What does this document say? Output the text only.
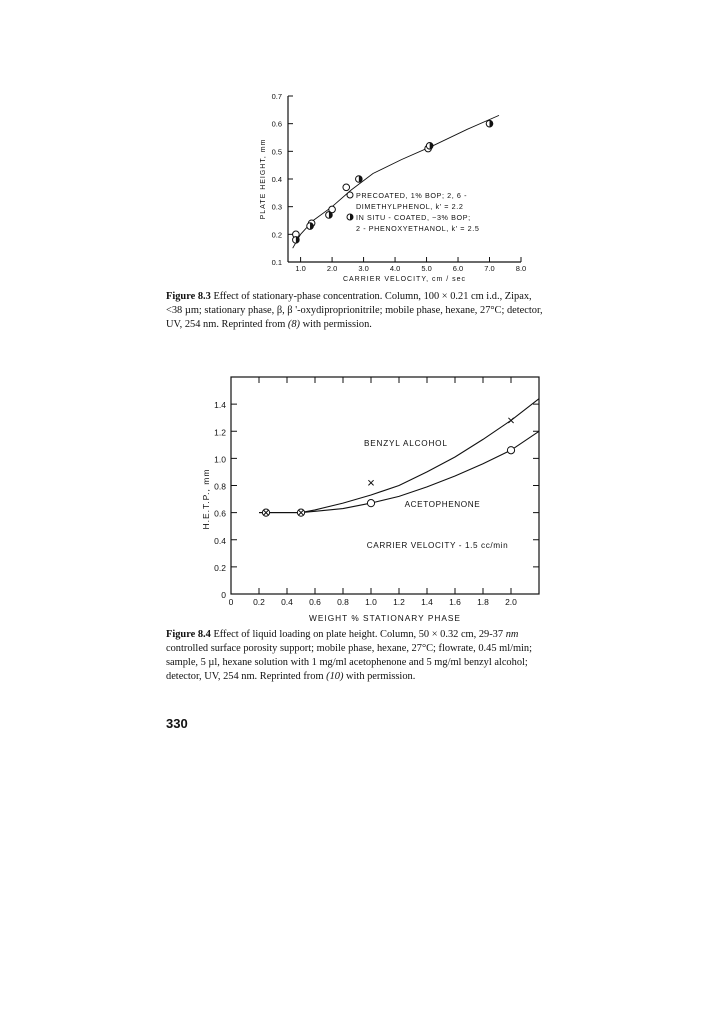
0.1
0.2
0.3
0.4
0.5
0.6
0.7
1.0	2.0	3.0	4.0	5.0	6.0	7.0	8.0
CARRIER VELOCITY, cm / sec
PLATE HEIGHT, mm	PRECOATED, 1% BOP; 2, 6 -
DIMETHYLPHENOL, k' = 2.2
IN SITU - COATED, ~3% BOP;
2 - PHENOXYETHANOL, k' = 2.5
Figure 8.3 Effect of stationary-phase concentration. Column, 100 × 0.21 cm i.d., Zipax,
<38 µm; stationary phase, β, β '-oxydiproprionitrile; mobile phase, hexane, 27°C; detector,
UV, 254 nm. Reprinted from (8) with permission.
0
0.2
0.4
0.6
0.8
1.0
1.2
1.4
0 0.2 0.4 0.6 0.8 1.0 1.2 1.4 1.6 1.8 2.0
WEIGHT % STATIONARY PHASE
H.E.T.P., mm
BENZYL ALCOHOL
ACETOPHENONE
CARRIER VELOCITY - 1.5 cc/min
Figure 8.4 Effect of liquid loading on plate height. Column, 50 × 0.32 cm, 29-37 nm
controlled surface porosity support; mobile phase, hexane, 27°C; flowrate, 0.45 ml/min;
sample, 5 µl, hexane solution with 1 mg/ml acetophenone and 5 mg/ml benzyl alcohol;
detector, UV, 254 nm. Reprinted from (10) with permission.
330
